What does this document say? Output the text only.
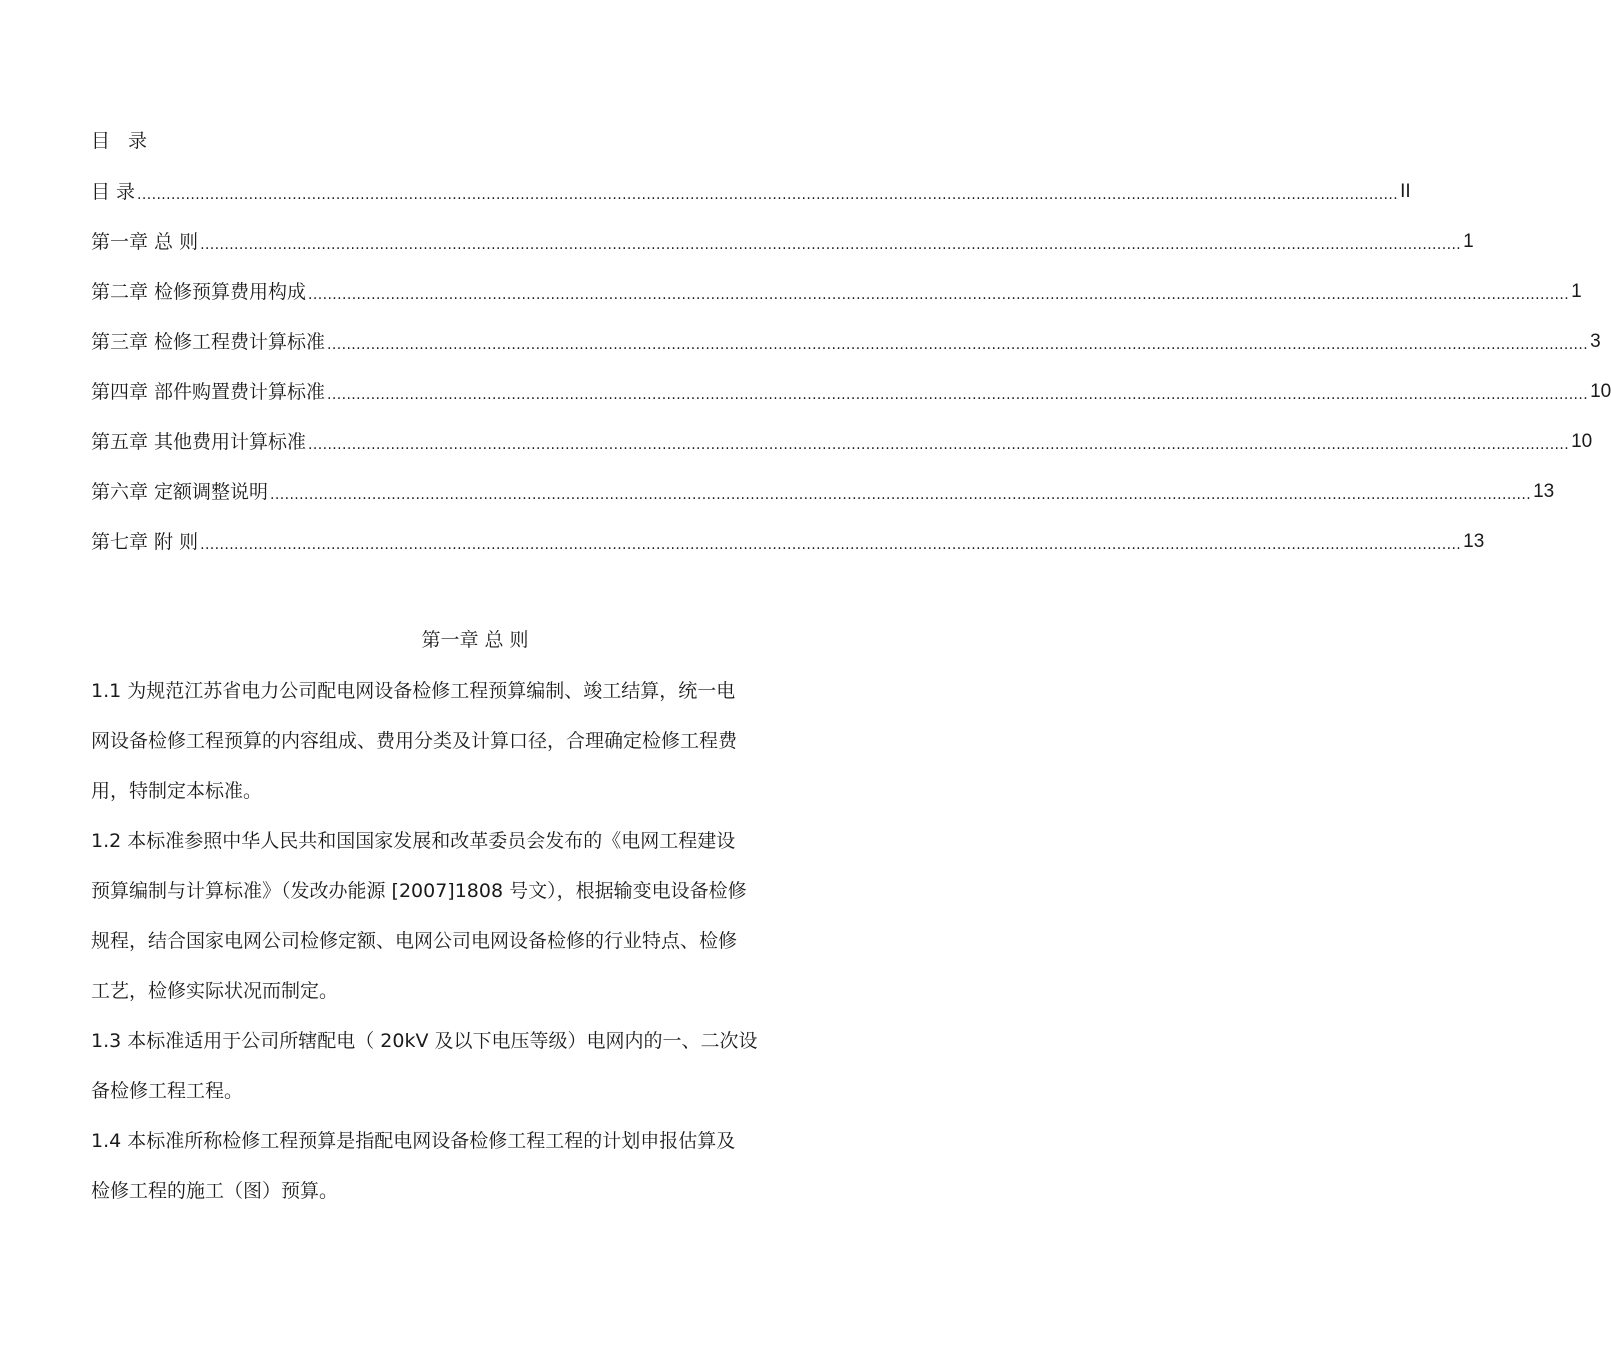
目 录
目 录 .................................................................................................................................................................................................................................................................... II
第一章 总 则 .................................................................................................................................................................................................................................................................... 1
第二章 检修预算费用构成 .................................................................................................................................................................................................................................................................... 1
第三章 检修工程费计算标准 .................................................................................................................................................................................................................................................................... 3
第四章 部件购置费计算标准 .................................................................................................................................................................................................................................................................... 10
第五章 其他费用计算标准 .................................................................................................................................................................................................................................................................... 10
第六章 定额调整说明 .................................................................................................................................................................................................................................................................... 13
第七章 附 则 .................................................................................................................................................................................................................................................................... 13
第一章 总 则
1.1 为规范江苏省电力公司配电网设备检修工程预算编制、竣工结算，统一电
网设备检修工程预算的内容组成、费用分类及计算口径，合理确定检修工程费
用，特制定本标准。
1.2 本标准参照中华人民共和国国家发展和改革委员会发布的《电网工程建设
预算编制与计算标准》（发改办能源 [2007]1808 号文），根据输变电设备检修
规程，结合国家电网公司检修定额、电网公司电网设备检修的行业特点、检修
工艺，检修实际状况而制定。
1.3 本标准适用于公司所辖配电（ 20kV 及以下电压等级）电网内的一、二次设
备检修工程工程。
1.4 本标准所称检修工程预算是指配电网设备检修工程工程的计划申报估算及
检修工程的施工（图）预算。
